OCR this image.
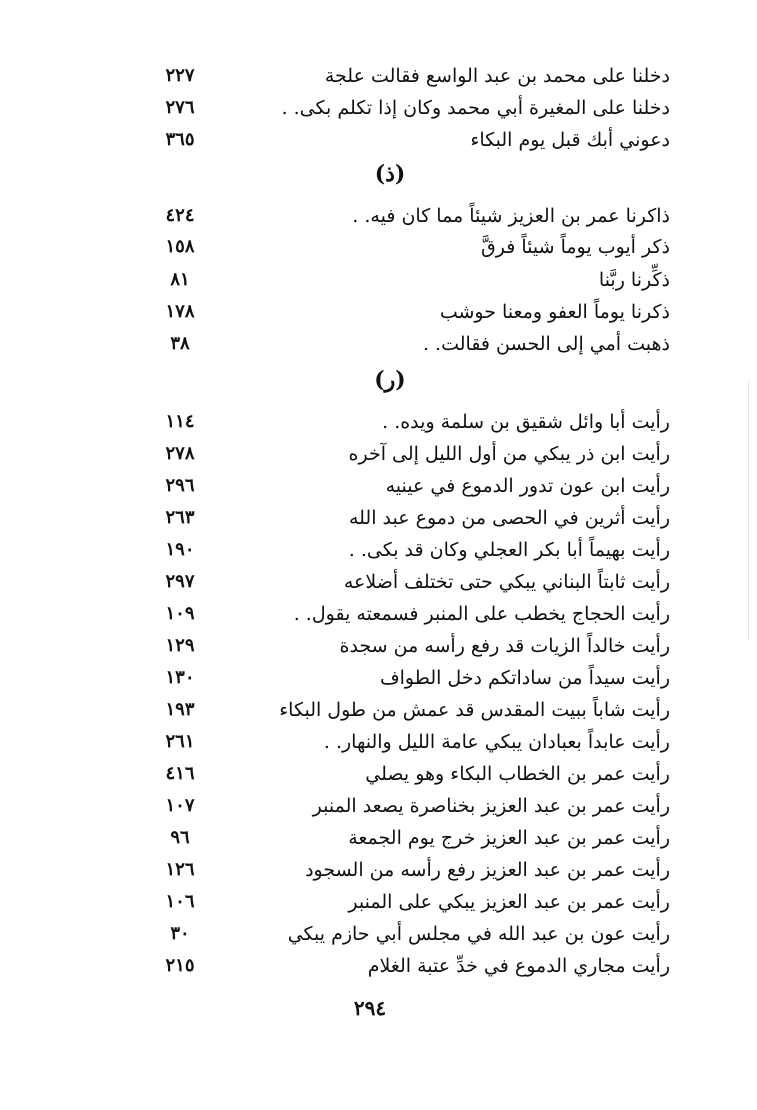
دخلنا على محمد بن عبد الواسع فقالت علجة
٢٢٧
دخلنا على المغيرة أبي محمد وكان إذا تكلم بكى. .
٢٧٦
دعوني أبك قبل يوم البكاء
٣٦٥
(ذ)
ذاكرنا عمر بن العزيز شيئاً مما كان فيه. .
٤٢٤
ذكر أيوب يوماً شيئاً فرقَّ
١٥٨
ذكِّرنا ربَّنا
٨١
ذكرنا يوماً العفو ومعنا حوشب
١٧٨
ذهبت أمي إلى الحسن فقالت. .
٣٨
(ر)
رأيت أبا وائل شقيق بن سلمة ويده. .
١١٤
رأيت ابن ذر يبكي من أول الليل إلى آخره
٢٧٨
رأيت ابن عون تدور الدموع في عينيه
٢٩٦
رأيت أثرين في الحصى من دموع عبد الله
٢٦٣
رأيت بهيماً أبا بكر العجلي وكان قد بكى. .
١٩٠
رأيت ثابتاً البناني يبكي حتى تختلف أضلاعه
٢٩٧
رأيت الحجاج يخطب على المنبر فسمعته يقول. .
١٠٩
رأيت خالداً الزيات قد رفع رأسه من سجدة
١٢٩
رأيت سيداً من ساداتكم دخل الطواف
١٣٠
رأيت شاباً ببيت المقدس قد عمش من طول البكاء
١٩٣
رأيت عابداً بعبادان يبكي عامة الليل والنهار. .
٢٦١
رأيت عمر بن الخطاب البكاء وهو يصلي
٤١٦
رأيت عمر بن عبد العزيز بخناصرة يصعد المنبر
١٠٧
رأيت عمر بن عبد العزيز خرج يوم الجمعة
٩٦
رأيت عمر بن عبد العزيز رفع رأسه من السجود
١٢٦
رأيت عمر بن عبد العزيز يبكي على المنبر
١٠٦
رأيت عون بن عبد الله في مجلس أبي حازم يبكي
٣٠
رأيت مجاري الدموع في خدِّ عتبة الغلام
٢١٥
٢٩٤
